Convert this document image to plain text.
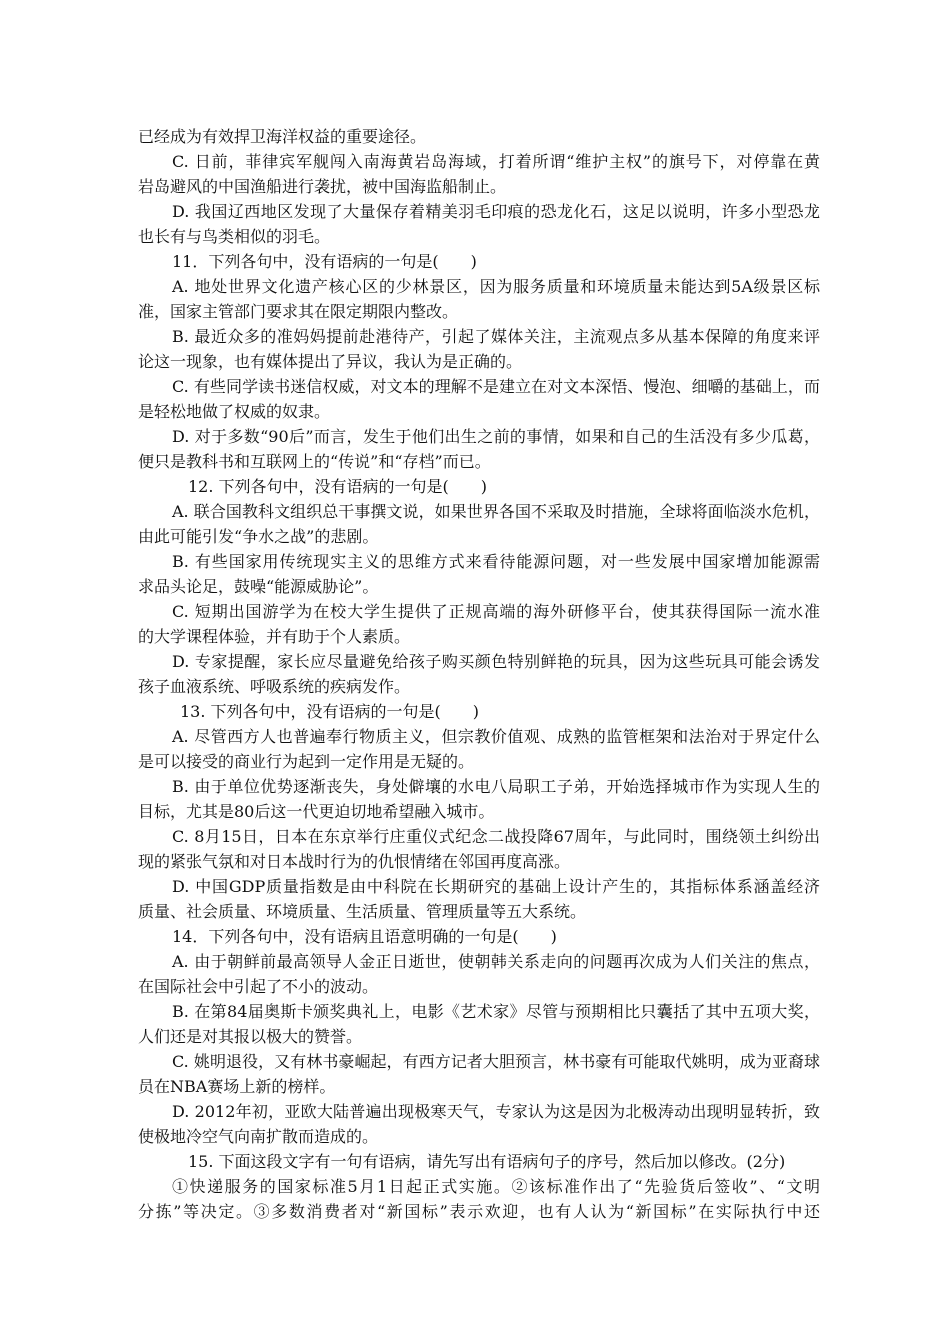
已经成为有效捍卫海洋权益的重要途径。
C. 日前，菲律宾军舰闯入南海黄岩岛海域，打着所谓“维护主权”的旗号下，对停靠在黄
岩岛避风的中国渔船进行袭扰，被中国海监船制止。
D. 我国辽西地区发现了大量保存着精美羽毛印痕的恐龙化石，这足以说明，许多小型恐龙
也长有与鸟类相似的羽毛。
11．下列各句中，没有语病的一句是(　　)
A. 地处世界文化遗产核心区的少林景区，因为服务质量和环境质量未能达到5A级景区标
准，国家主管部门要求其在限定期限内整改。
B. 最近众多的准妈妈提前赴港待产，引起了媒体关注，主流观点多从基本保障的角度来评
论这一现象，也有媒体提出了异议，我认为是正确的。
C. 有些同学读书迷信权威，对文本的理解不是建立在对文本深悟、慢泡、细嚼的基础上，而
是轻松地做了权威的奴隶。
D. 对于多数“90后”而言，发生于他们出生之前的事情，如果和自己的生活没有多少瓜葛，
便只是教科书和互联网上的“传说”和“存档”而已。
12. 下列各句中，没有语病的一句是(　　)
A. 联合国教科文组织总干事撰文说，如果世界各国不采取及时措施，全球将面临淡水危机，
由此可能引发“争水之战”的悲剧。
B. 有些国家用传统现实主义的思维方式来看待能源问题，对一些发展中国家增加能源需
求品头论足，鼓噪“能源威胁论”。
C. 短期出国游学为在校大学生提供了正规高端的海外研修平台，使其获得国际一流水准
的大学课程体验，并有助于个人素质。
D. 专家提醒，家长应尽量避免给孩子购买颜色特别鲜艳的玩具，因为这些玩具可能会诱发
孩子血液系统、呼吸系统的疾病发作。
13. 下列各句中，没有语病的一句是(　　)
A. 尽管西方人也普遍奉行物质主义，但宗教价值观、成熟的监管框架和法治对于界定什么
是可以接受的商业行为起到一定作用是无疑的。
B. 由于单位优势逐渐丧失，身处僻壤的水电八局职工子弟，开始选择城市作为实现人生的
目标，尤其是80后这一代更迫切地希望融入城市。
C. 8月15日，日本在东京举行庄重仪式纪念二战投降67周年，与此同时，围绕领土纠纷出
现的紧张气氛和对日本战时行为的仇恨情绪在邻国再度高涨。
D. 中国GDP质量指数是由中科院在长期研究的基础上设计产生的，其指标体系涵盖经济
质量、社会质量、环境质量、生活质量、管理质量等五大系统。
14．下列各句中，没有语病且语意明确的一句是(　　)
A. 由于朝鲜前最高领导人金正日逝世，使朝韩关系走向的问题再次成为人们关注的焦点，
在国际社会中引起了不小的波动。
B. 在第84届奥斯卡颁奖典礼上，电影《艺术家》尽管与预期相比只囊括了其中五项大奖，
人们还是对其报以极大的赞誉。
C. 姚明退役，又有林书豪崛起，有西方记者大胆预言，林书豪有可能取代姚明，成为亚裔球
员在NBA赛场上新的榜样。
D. 2012年初，亚欧大陆普遍出现极寒天气，专家认为这是因为北极涛动出现明显转折，致
使极地冷空气向南扩散而造成的。
15. 下面这段文字有一句有语病，请先写出有语病句子的序号，然后加以修改。(2分)
①快递服务的国家标准5月1日起正式实施。②该标准作出了“先验货后签收”、“文明
分拣”等决定。③多数消费者对“新国标”表示欢迎，也有人认为“新国标”在实际执行中还
